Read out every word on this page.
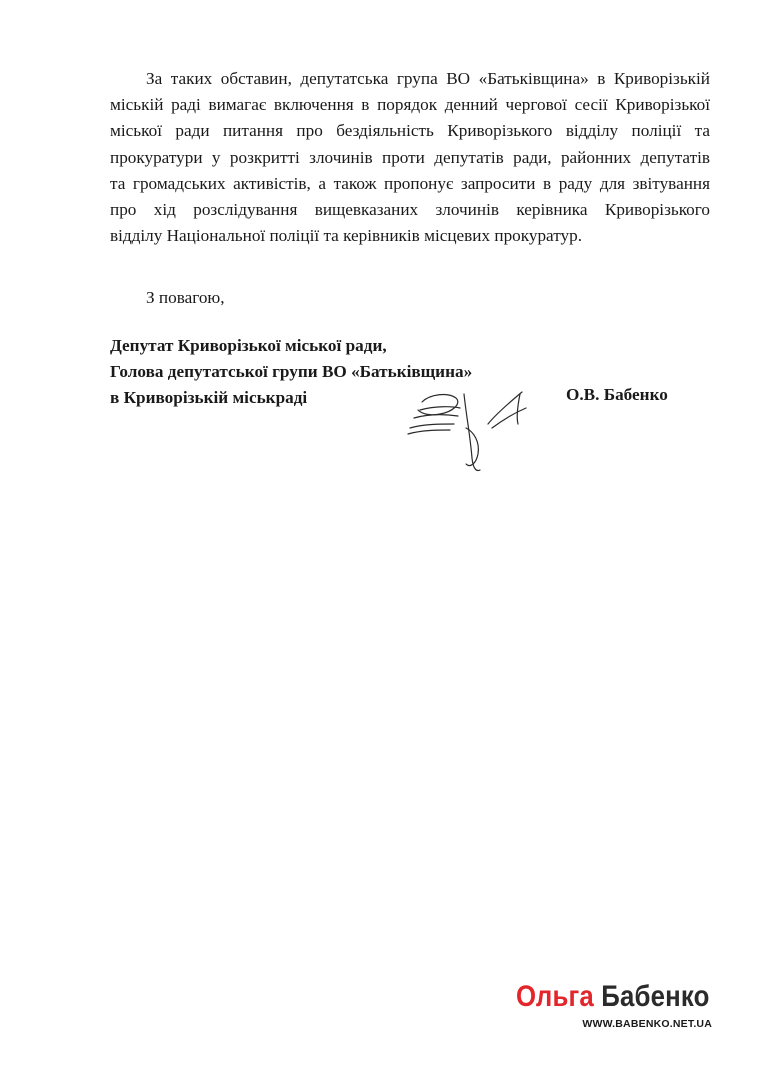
За таких обставин, депутатська група ВО «Батьківщина» в Криворізькій
міській раді вимагає включення в порядок денний чергової сесії Криворізької
міської ради питання про бездіяльність Криворізького відділу поліції та
прокуратури у розкритті злочинів проти депутатів ради, районних депутатів
та громадських активістів, а також пропонує запросити в раду для звітування
про хід розслідування вищевказаних злочинів керівника Криворізького
відділу Національної поліції та керівників місцевих прокуратур.
З повагою,
Депутат Криворізької міської ради,
Голова депутатської групи ВО «Батьківщина»
в Криворізькій міськраді	О.В. Бабенко
Ольга Бабенко
WWW.BABENKO.NET.UA
